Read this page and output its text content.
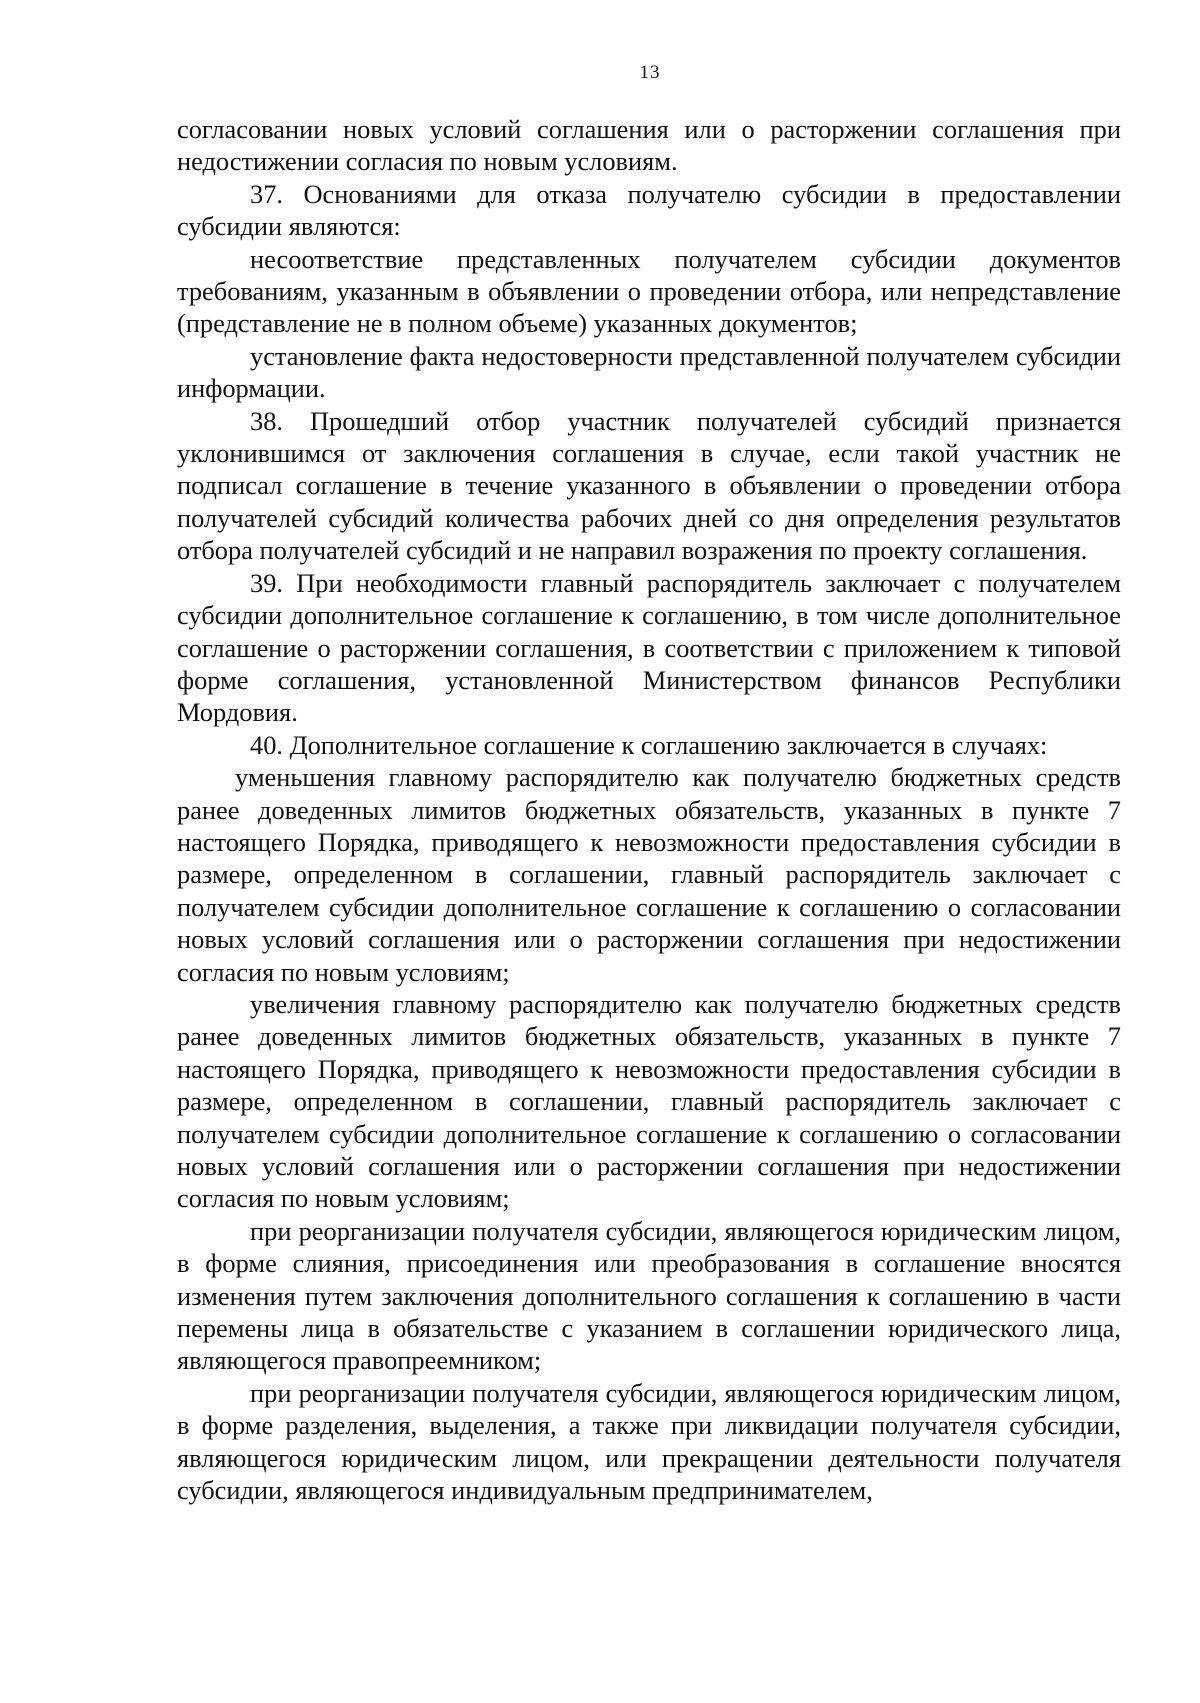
13

согласовании новых условий соглашения или о расторжении соглашения при недостижении согласия по новым условиям.

37. Основаниями для отказа получателю субсидии в предоставлении субсидии являются:

несоответствие представленных получателем субсидии документов требованиям, указанным в объявлении о проведении отбора, или непредставление (представление не в полном объеме) указанных документов;

установление факта недостоверности представленной получателем субсидии информации.

38. Прошедший отбор участник получателей субсидий признается уклонившимся от заключения соглашения в случае, если такой участник не подписал соглашение в течение указанного в объявлении о проведении отбора получателей субсидий количества рабочих дней со дня определения результатов отбора получателей субсидий и не направил возражения по проекту соглашения.

39. При необходимости главный распорядитель заключает с получателем субсидии дополнительное соглашение к соглашению, в том числе дополнительное соглашение о расторжении соглашения, в соответствии с приложением к типовой форме соглашения, установленной Министерством финансов Республики Мордовия.

40. Дополнительное соглашение к соглашению заключается в случаях:

уменьшения главному распорядителю как получателю бюджетных средств ранее доведенных лимитов бюджетных обязательств, указанных в пункте 7 настоящего Порядка, приводящего к невозможности предоставления субсидии в размере, определенном в соглашении, главный распорядитель заключает с получателем субсидии дополнительное соглашение к соглашению о согласовании новых условий соглашения или о расторжении соглашения при недостижении согласия по новым условиям;

увеличения главному распорядителю как получателю бюджетных средств ранее доведенных лимитов бюджетных обязательств, указанных в пункте 7 настоящего Порядка, приводящего к невозможности предоставления субсидии в размере, определенном в соглашении, главный распорядитель заключает с получателем субсидии дополнительное соглашение к соглашению о согласовании новых условий соглашения или о расторжении соглашения при недостижении согласия по новым условиям;

при реорганизации получателя субсидии, являющегося юридическим лицом, в форме слияния, присоединения или преобразования в соглашение вносятся изменения путем заключения дополнительного соглашения к соглашению в части перемены лица в обязательстве с указанием в соглашении юридического лица, являющегося правопреемником;

при реорганизации получателя субсидии, являющегося юридическим лицом, в форме разделения, выделения, а также при ликвидации получателя субсидии, являющегося юридическим лицом, или прекращении деятельности получателя субсидии, являющегося индивидуальным предпринимателем,
